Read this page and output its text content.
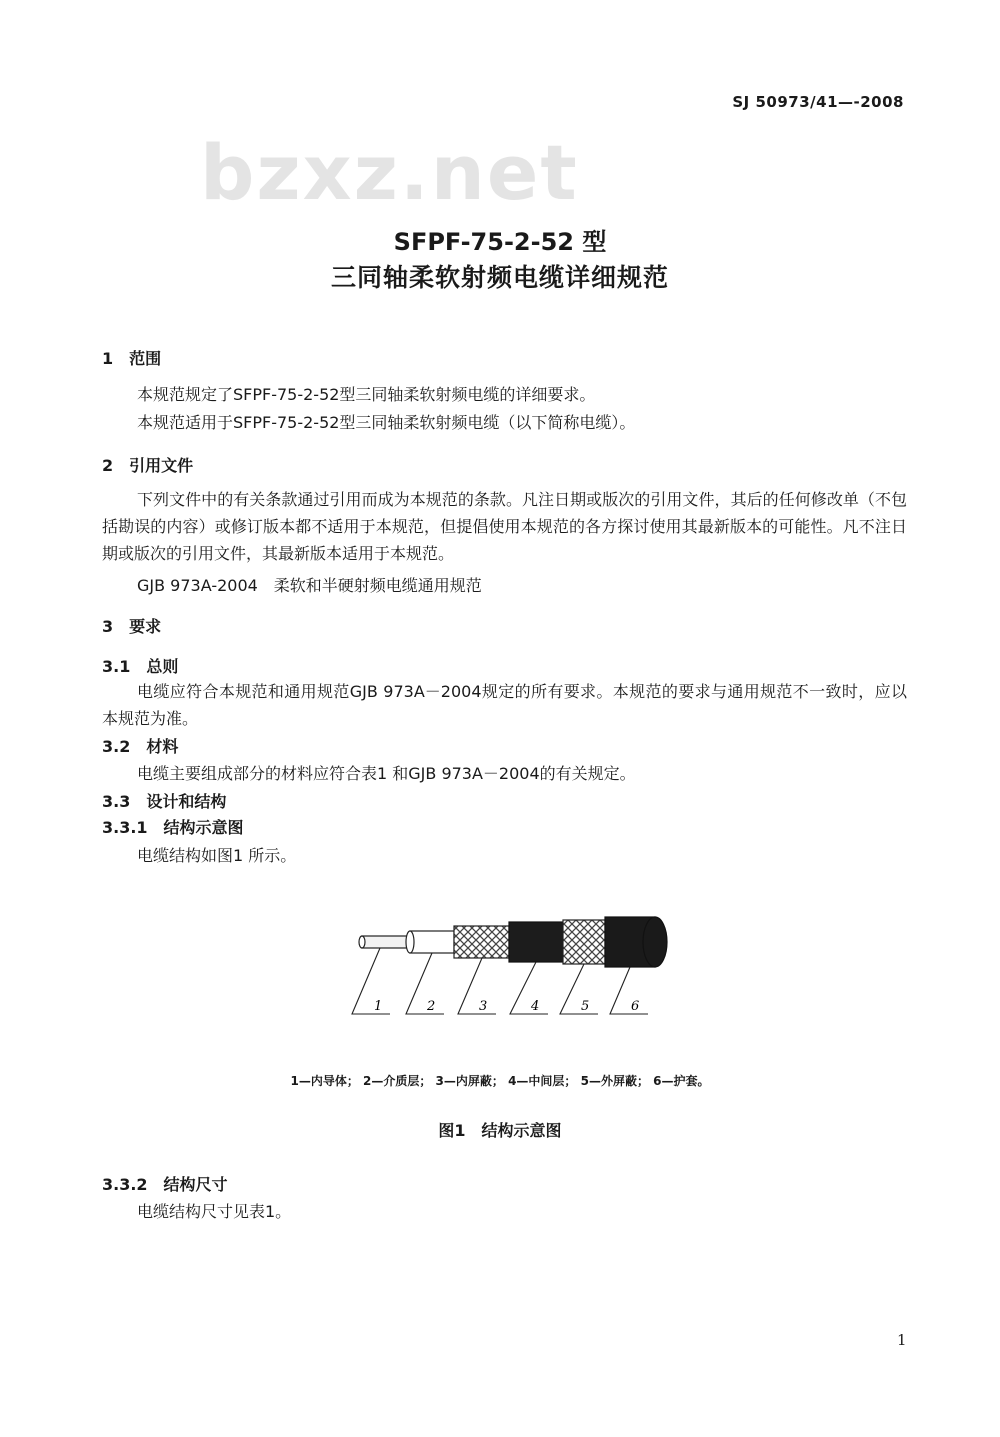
SJ 50973/41—-2008
bzxz.net
SFPF-75-2-52 型
三同轴柔软射频电缆详细规范
1　范围
本规范规定了SFPF-75-2-52型三同轴柔软射频电缆的详细要求。
本规范适用于SFPF-75-2-52型三同轴柔软射频电缆（以下简称电缆）。
2　引用文件
下列文件中的有关条款通过引用而成为本规范的条款。凡注日期或版次的引用文件，其后的任何修改单（不包括勘误的内容）或修订版本都不适用于本规范，但提倡使用本规范的各方探讨使用其最新版本的可能性。凡不注日期或版次的引用文件，其最新版本适用于本规范。
GJB 973A-2004　柔软和半硬射频电缆通用规范
3　要求
3.1　总则
电缆应符合本规范和通用规范GJB 973A－2004规定的所有要求。本规范的要求与通用规范不一致时，应以本规范为准。
3.2　材料
电缆主要组成部分的材料应符合表1 和GJB 973A－2004的有关规定。
3.3　设计和结构
3.3.1　结构示意图
电缆结构如图1 所示。
1	2	3	4	5	6
1—内导体； 2—介质层； 3—内屏蔽； 4—中间层； 5—外屏蔽； 6—护套。
图1　结构示意图
3.3.2　结构尺寸
电缆结构尺寸见表1。
1
